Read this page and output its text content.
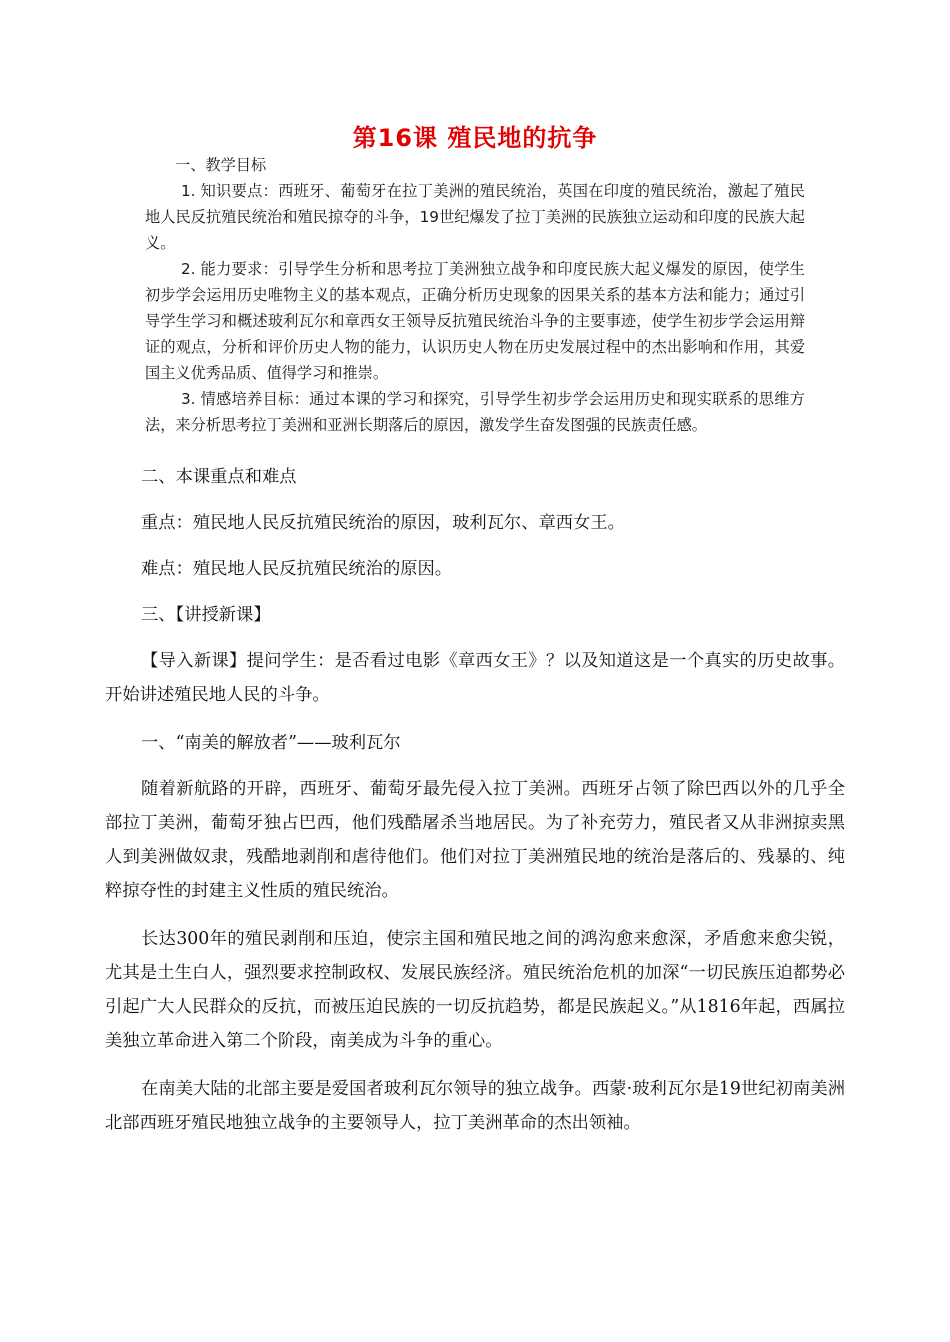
第16课 殖民地的抗争
一、教学目标

1. 知识要点：西班牙、葡萄牙在拉丁美洲的殖民统治，英国在印度的殖民统治，激起了殖民地人民反抗殖民统治和殖民掠夺的斗争，19世纪爆发了拉丁美洲的民族独立运动和印度的民族大起义。

2. 能力要求：引导学生分析和思考拉丁美洲独立战争和印度民族大起义爆发的原因，使学生初步学会运用历史唯物主义的基本观点，正确分析历史现象的因果关系的基本方法和能力；通过引导学生学习和概述玻利瓦尔和章西女王领导反抗殖民统治斗争的主要事迹，使学生初步学会运用辩证的观点，分析和评价历史人物的能力，认识历史人物在历史发展过程中的杰出影响和作用，其爱国主义优秀品质、值得学习和推崇。

3. 情感培养目标：通过本课的学习和探究，引导学生初步学会运用历史和现实联系的思维方法，来分析思考拉丁美洲和亚洲长期落后的原因，激发学生奋发图强的民族责任感。

二、本课重点和难点

重点：殖民地人民反抗殖民统治的原因，玻利瓦尔、章西女王。

难点：殖民地人民反抗殖民统治的原因。

三、【讲授新课】

【导入新课】提问学生：是否看过电影《章西女王》？以及知道这是一个真实的历史故事。开始讲述殖民地人民的斗争。

一、“南美的解放者”——玻利瓦尔

随着新航路的开辟，西班牙、葡萄牙最先侵入拉丁美洲。西班牙占领了除巴西以外的几乎全部拉丁美洲，葡萄牙独占巴西，他们残酷屠杀当地居民。为了补充劳力，殖民者又从非洲掠卖黑人到美洲做奴隶，残酷地剥削和虐待他们。他们对拉丁美洲殖民地的统治是落后的、残暴的、纯粹掠夺性的封建主义性质的殖民统治。

长达300年的殖民剥削和压迫，使宗主国和殖民地之间的鸿沟愈来愈深，矛盾愈来愈尖锐，尤其是土生白人，强烈要求控制政权、发展民族经济。殖民统治危机的加深“一切民族压迫都势必引起广大人民群众的反抗，而被压迫民族的一切反抗趋势，都是民族起义。”从1816年起，西属拉美独立革命进入第二个阶段，南美成为斗争的重心。

在南美大陆的北部主要是爱国者玻利瓦尔领导的独立战争。西蒙·玻利瓦尔是19世纪初南美洲北部西班牙殖民地独立战争的主要领导人，拉丁美洲革命的杰出领袖。
